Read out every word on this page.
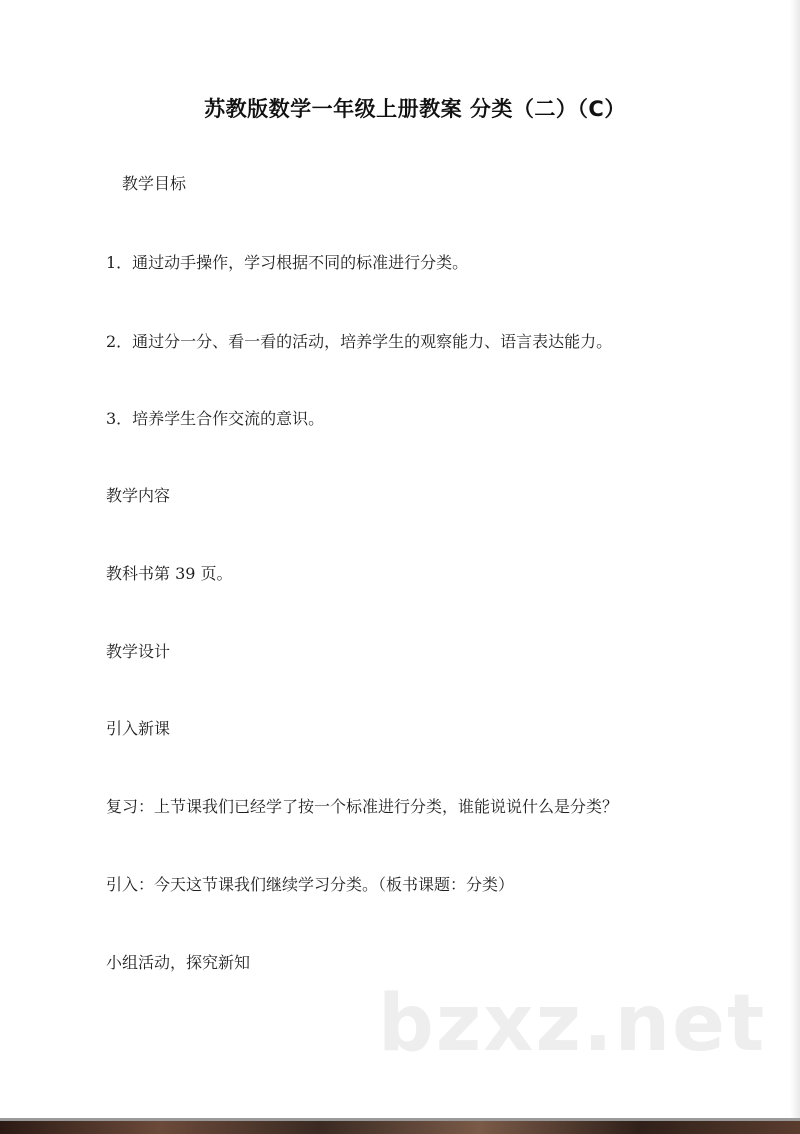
苏教版数学一年级上册教案 分类（二）（C）
教学目标
1．通过动手操作，学习根据不同的标准进行分类。
2．通过分一分、看一看的活动，培养学生的观察能力、语言表达能力。
3．培养学生合作交流的意识。
教学内容
教科书第 39 页。
教学设计
引入新课
复习：上节课我们已经学了按一个标准进行分类，谁能说说什么是分类？
引入：今天这节课我们继续学习分类。（板书课题：分类）
小组活动，探究新知
bzxz.net
